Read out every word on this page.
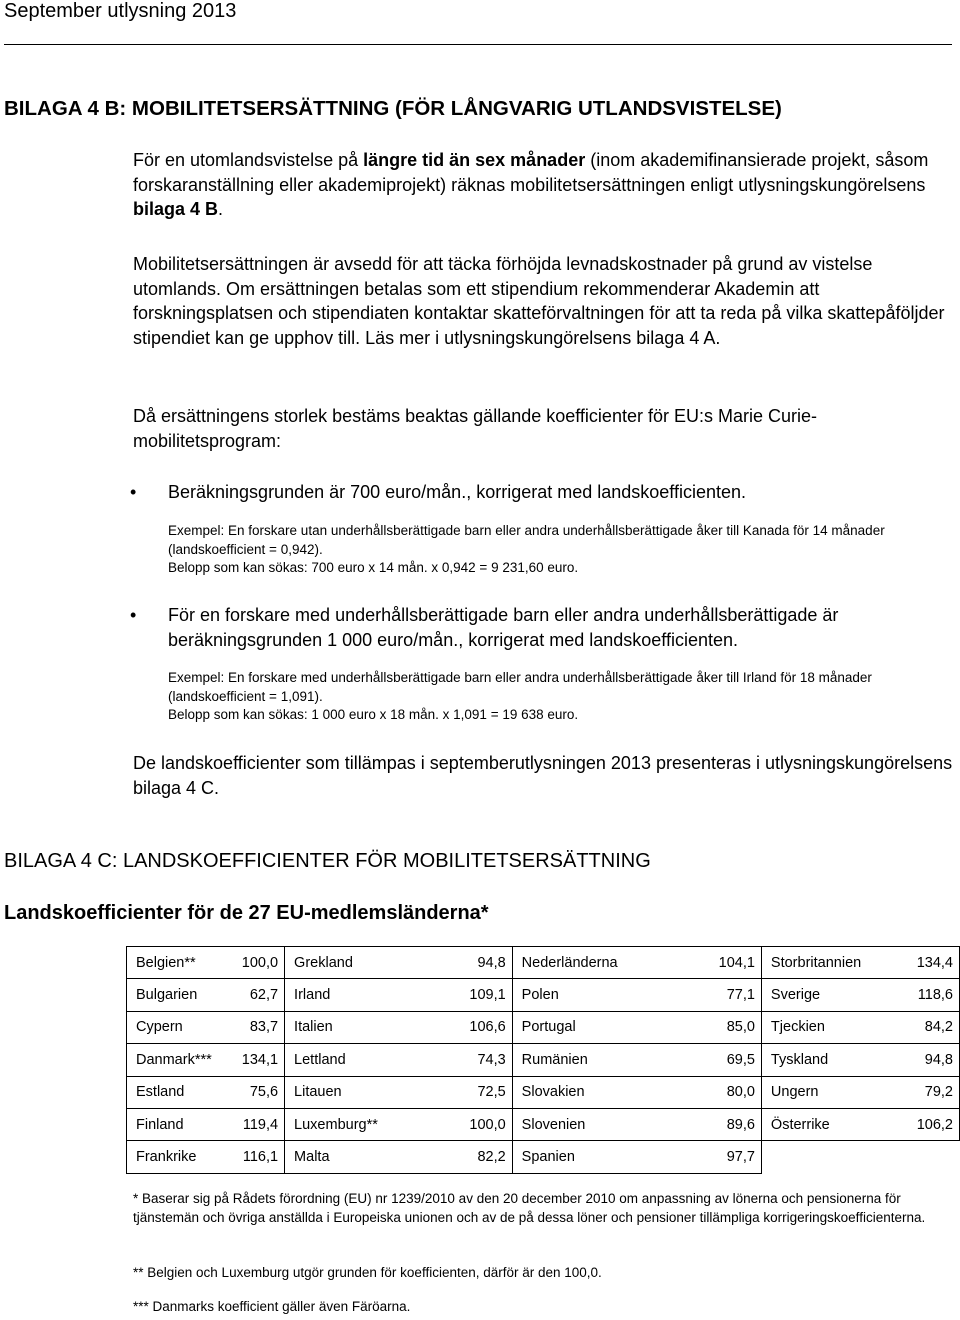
September utlysning 2013
BILAGA 4 B: MOBILITETSERSÄTTNING (FÖR LÅNGVARIG UTLANDSVISTELSE)
För en utomlandsvistelse på längre tid än sex månader (inom akademifinansierade projekt, såsom forskaranställning eller akademiprojekt) räknas mobilitetsersättningen enligt utlysningskungörelsens bilaga 4 B.
Mobilitetsersättningen är avsedd för att täcka förhöjda levnadskostnader på grund av vistelse utomlands. Om ersättningen betalas som ett stipendium rekommenderar Akademin att forskningsplatsen och stipendiaten kontaktar skatteförvaltningen för att ta reda på vilka skattepåföljder stipendiet kan ge upphov till. Läs mer i utlysningskungörelsens bilaga 4 A.
Då ersättningens storlek bestäms beaktas gällande koefficienter för EU:s Marie Curie-mobilitetsprogram:
• Beräkningsgrunden är 700 euro/mån., korrigerat med landskoefficienten.
Exempel: En forskare utan underhållsberättigade barn eller andra underhållsberättigade åker till Kanada för 14 månader (landskoefficient = 0,942).
Belopp som kan sökas: 700 euro x 14 mån. x 0,942 = 9 231,60 euro.
• För en forskare med underhållsberättigade barn eller andra underhållsberättigade är beräkningsgrunden 1 000 euro/mån., korrigerat med landskoefficienten.
Exempel: En forskare med underhållsberättigade barn eller andra underhållsberättigade åker till Irland för 18 månader (landskoefficient = 1,091).
Belopp som kan sökas: 1 000 euro x 18 mån. x 1,091 = 19 638 euro.
De landskoefficienter som tillämpas i septemberutlysningen 2013 presenteras i utlysningskungörelsens bilaga 4 C.
BILAGA 4 C: LANDSKOEFFICIENTER FÖR MOBILITETSERSÄTTNING
Landskoefficienter för de 27 EU-medlemsländerna*
Belgien**	100,0	Grekland	94,8	Nederländerna	104,1	Storbritannien	134,4
Bulgarien	62,7	Irland	109,1	Polen	77,1	Sverige	118,6
Cypern	83,7	Italien	106,6	Portugal	85,0	Tjeckien	84,2
Danmark***	134,1	Lettland	74,3	Rumänien	69,5	Tyskland	94,8
Estland	75,6	Litauen	72,5	Slovakien	80,0	Ungern	79,2
Finland	119,4	Luxemburg**	100,0	Slovenien	89,6	Österrike	106,2
Frankrike	116,1	Malta	82,2	Spanien	97,7		
* Baserar sig på Rådets förordning (EU) nr 1239/2010 av den 20 december 2010 om anpassning av lönerna och pensionerna för tjänstemän och övriga anställda i Europeiska unionen och av de på dessa löner och pensioner tillämpliga korrigeringskoefficienterna.
** Belgien och Luxemburg utgör grunden för koefficienten, därför är den 100,0.
*** Danmarks koefficient gäller även Färöarna.
